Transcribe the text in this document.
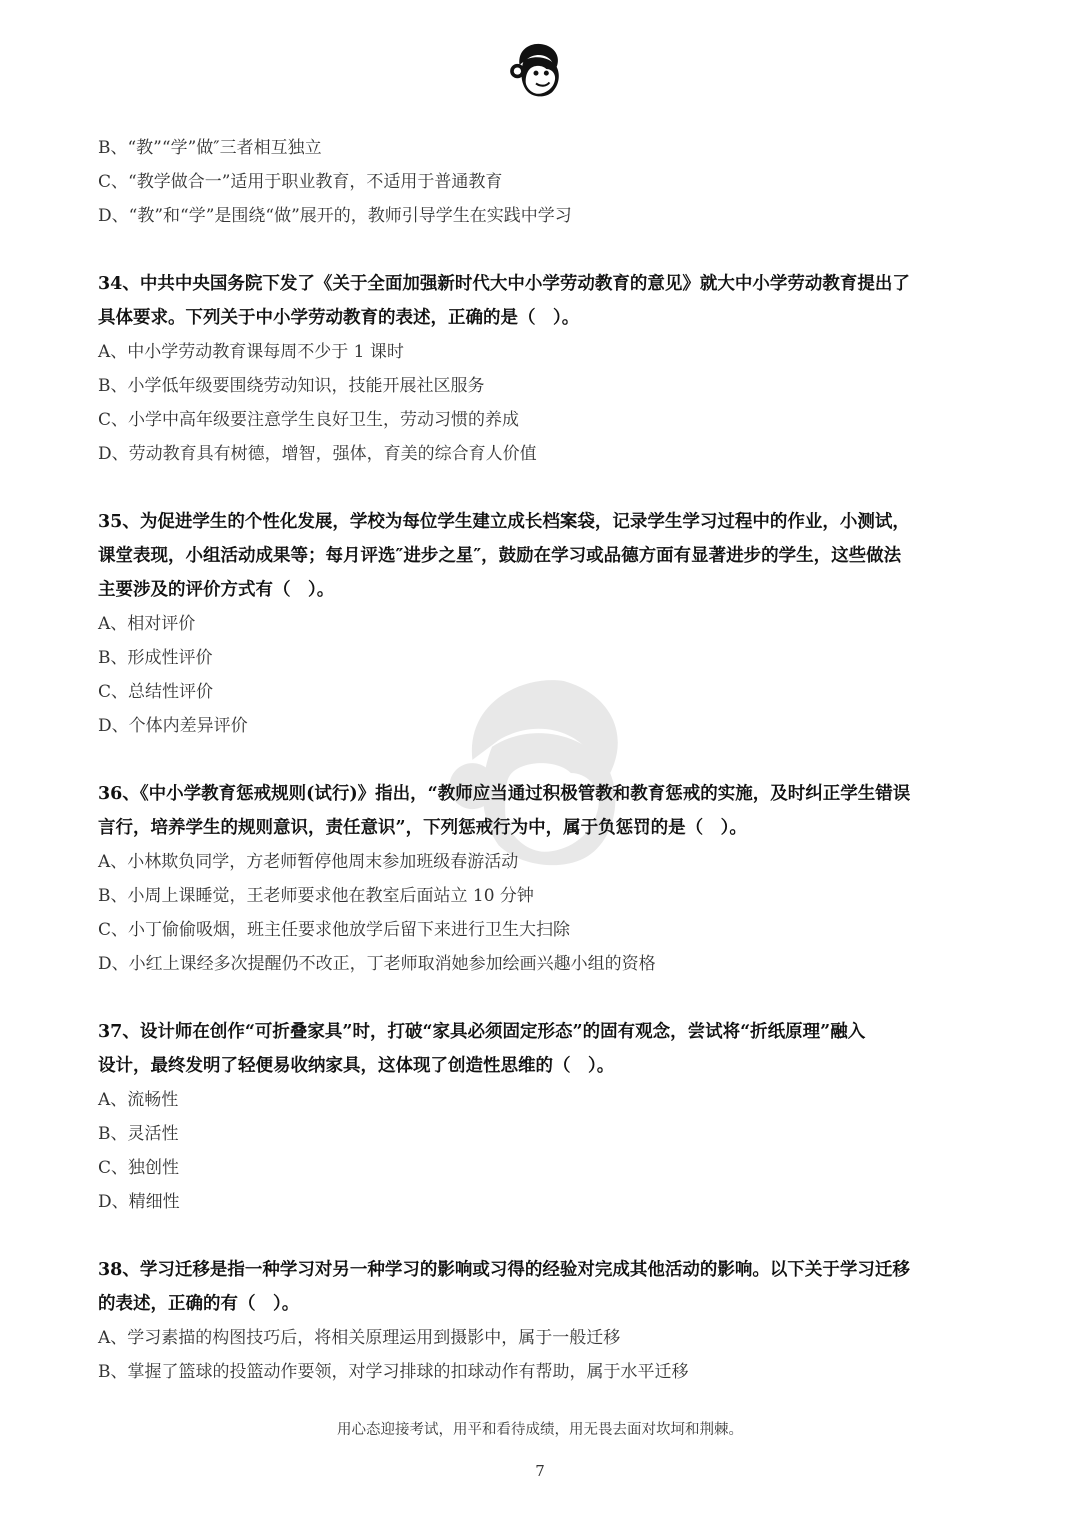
B、“教”“学”做″三者相互独立
C、“教学做合一”适用于职业教育，不适用于普通教育
D、“教”和“学”是围绕“做”展开的，教师引导学生在实践中学习
34、中共中央国务院下发了《关于全面加强新时代大中小学劳动教育的意见》就大中小学劳动教育提出了
具体要求。下列关于中小学劳动教育的表述，正确的是（　）。
A、中小学劳动教育课每周不少于 1 课时
B、小学低年级要围绕劳动知识，技能开展社区服务
C、小学中高年级要注意学生良好卫生，劳动习惯的养成
D、劳动教育具有树德，增智，强体，育美的综合育人价值
35、为促进学生的个性化发展，学校为每位学生建立成长档案袋，记录学生学习过程中的作业，小测试，
课堂表现，小组活动成果等；每月评选″进步之星″，鼓励在学习或品德方面有显著进步的学生，这些做法
主要涉及的评价方式有（　）。
A、相对评价
B、形成性评价
C、总结性评价
D、个体内差异评价
36、《中小学教育惩戒规则(试行)》指出，“教师应当通过积极管教和教育惩戒的实施，及时纠正学生错误
言行，培养学生的规则意识，责任意识”，下列惩戒行为中，属于负惩罚的是（　）。
A、小林欺负同学，方老师暂停他周末参加班级春游活动
B、小周上课睡觉，王老师要求他在教室后面站立 10 分钟
C、小丁偷偷吸烟，班主任要求他放学后留下来进行卫生大扫除
D、小红上课经多次提醒仍不改正，丁老师取消她参加绘画兴趣小组的资格
37、设计师在创作“可折叠家具”时，打破“家具必须固定形态”的固有观念，尝试将“折纸原理”融入
设计，最终发明了轻便易收纳家具，这体现了创造性思维的（　）。
A、流畅性
B、灵活性
C、独创性
D、精细性
38、学习迁移是指一种学习对另一种学习的影响或习得的经验对完成其他活动的影响。以下关于学习迁移
的表述，正确的有（　）。
A、学习素描的构图技巧后，将相关原理运用到摄影中，属于一般迁移
B、掌握了篮球的投篮动作要领，对学习排球的扣球动作有帮助，属于水平迁移
用心态迎接考试，用平和看待成绩，用无畏去面对坎坷和荆棘。
7
